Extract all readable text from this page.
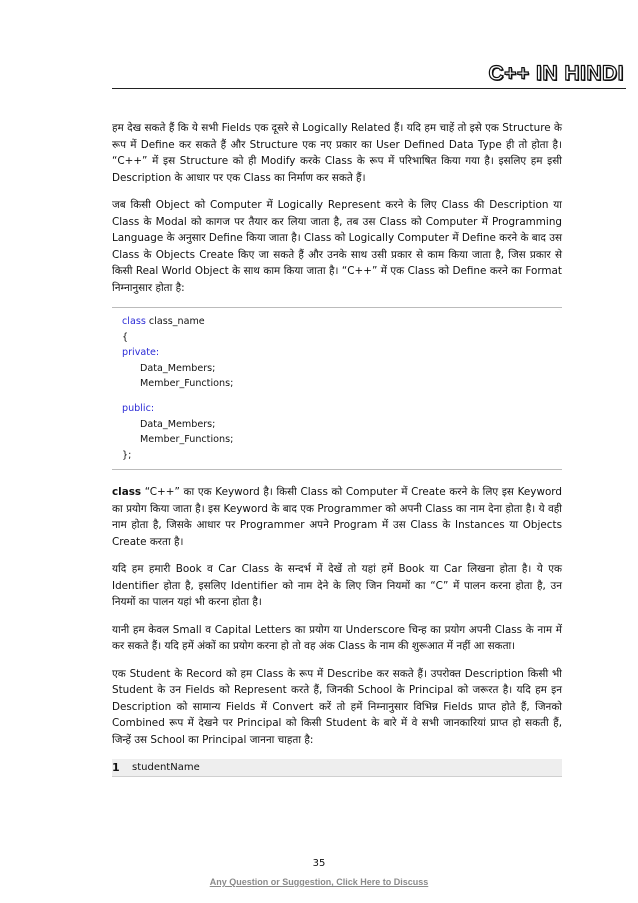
C++ IN HINDI

हम देख सकते हैं कि ये सभी Fields एक दूसरे से Logically Related हैं। यदि हम चाहें तो इसे एक Structure के रूप में Define कर सकते हैं और Structure एक नए प्रकार का User Defined Data Type ही तो होता है। “C++” में इस Structure को ही Modify करके Class के रूप में परिभाषित किया गया है। इसलिए हम इसी Description के आधार पर एक Class का निर्माण कर सकते हैं।

जब किसी Object को Computer में Logically Represent करने के लिए Class की Description या Class के Modal को कागज पर तैयार कर लिया जाता है, तब उस Class को Computer में Programming Language के अनुसार Define किया जाता है। Class को Logically Computer में Define करने के बाद उस Class के Objects Create किए जा सकते हैं और उनके साथ उसी प्रकार से काम किया जाता है, जिस प्रकार से किसी Real World Object के साथ काम किया जाता है। “C++” में एक Class को Define करने का Format निम्नानुसार होता है:

class class_name
{
private:
Data_Members;
Member_Functions;
public:
Data_Members;
Member_Functions;
};

class “C++” का एक Keyword है। किसी Class को Computer में Create करने के लिए इस Keyword का प्रयोग किया जाता है। इस Keyword के बाद एक Programmer को अपनी Class का नाम देना होता है। ये वही नाम होता है, जिसके आधार पर Programmer अपने Program में उस Class के Instances या Objects Create करता है।

यदि हम हमारी Book व Car Class के सन्दर्भ में देखें तो यहां हमें Book या Car लिखना होता है। ये एक Identifier होता है, इसलिए Identifier को नाम देने के लिए जिन नियमों का “C” में पालन करना होता है, उन नियमों का पालन यहां भी करना होता है।

यानी हम केवल Small व Capital Letters का प्रयोग या Underscore चिन्ह का प्रयोग अपनी Class के नाम में कर सकते हैं। यदि हमें अंकों का प्रयोग करना हो तो वह अंक Class के नाम की शुरूआत में नहीं आ सकता।

एक Student के Record को हम Class के रूप में Describe कर सकते हैं। उपरोक्त Description किसी भी Student के उन Fields को Represent करते हैं, जिनकी School के Principal को जरूरत है। यदि हम इन Description को सामान्य Fields में Convert करें तो हमें निम्नानुसार विभिन्न Fields प्राप्त होते हैं, जिनको Combined रूप में देखने पर Principal को किसी Student के बारे में वे सभी जानकारियां प्राप्त हो सकती हैं, जिन्हें उस School का Principal जानना चाहता है:

1	studentName
35
Any Question or Suggestion, Click Here to Discuss
